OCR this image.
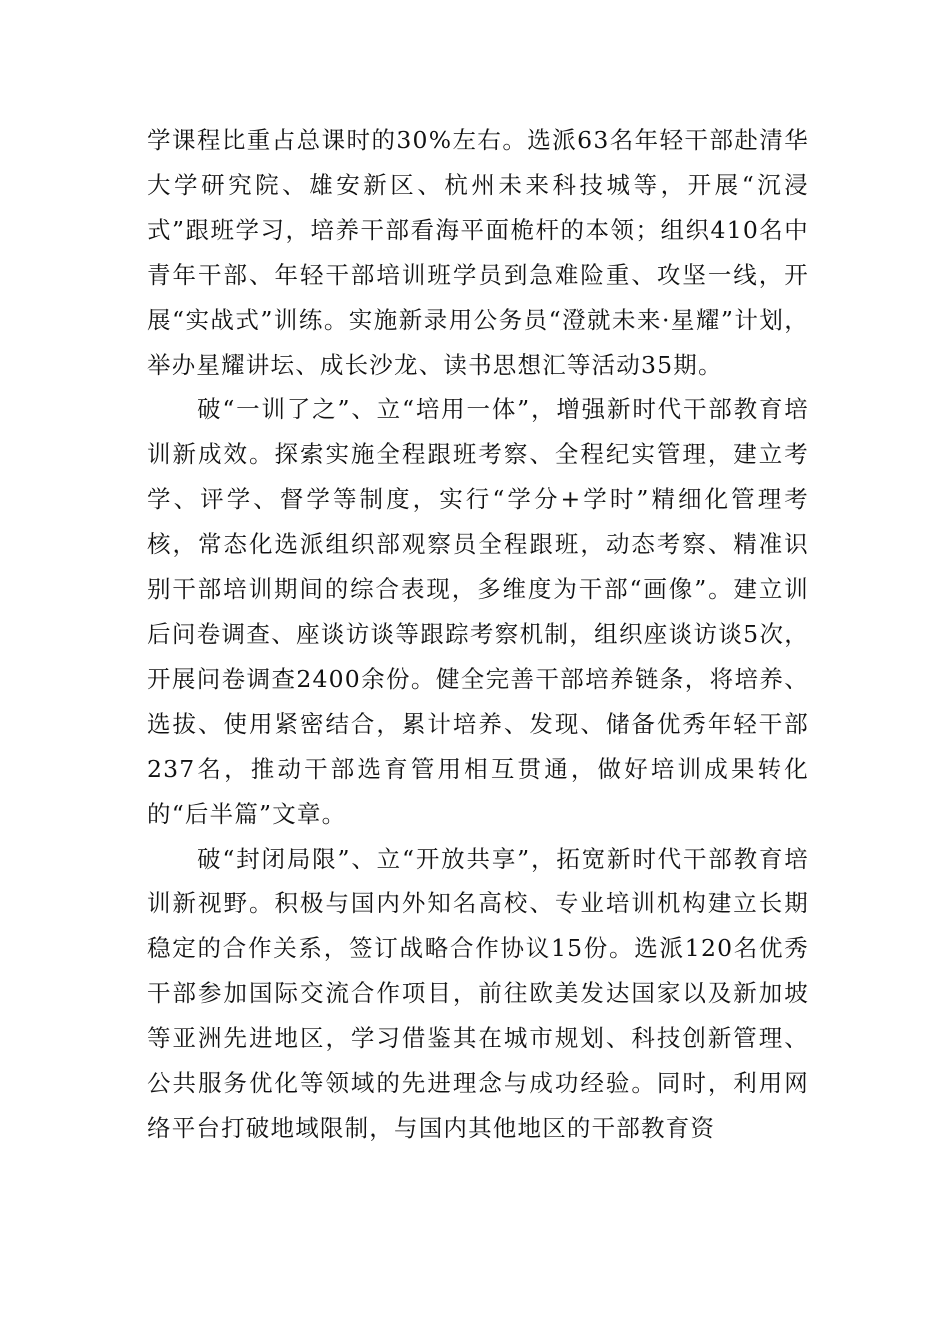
学课程比重占总课时的30%左右。选派63名年轻干部赴清华大学研究院、雄安新区、杭州未来科技城等，开展“沉浸式”跟班学习，培养干部看海平面桅杆的本领；组织410名中青年干部、年轻干部培训班学员到急难险重、攻坚一线，开展“实战式”训练。实施新录用公务员“澄就未来·星耀”计划，举办星耀讲坛、成长沙龙、读书思想汇等活动35期。

破“一训了之”、立“培用一体”，增强新时代干部教育培训新成效。探索实施全程跟班考察、全程纪实管理，建立考学、评学、督学等制度，实行“学分+学时”精细化管理考核，常态化选派组织部观察员全程跟班，动态考察、精准识别干部培训期间的综合表现，多维度为干部“画像”。建立训后问卷调查、座谈访谈等跟踪考察机制，组织座谈访谈5次，开展问卷调查2400余份。健全完善干部培养链条，将培养、选拔、使用紧密结合，累计培养、发现、储备优秀年轻干部237名，推动干部选育管用相互贯通，做好培训成果转化的“后半篇”文章。

破“封闭局限”、立“开放共享”，拓宽新时代干部教育培训新视野。积极与国内外知名高校、专业培训机构建立长期稳定的合作关系，签订战略合作协议15份。选派120名优秀干部参加国际交流合作项目，前往欧美发达国家以及新加坡等亚洲先进地区，学习借鉴其在城市规划、科技创新管理、公共服务优化等领域的先进理念与成功经验。同时，利用网络平台打破地域限制，与国内其他地区的干部教育资
